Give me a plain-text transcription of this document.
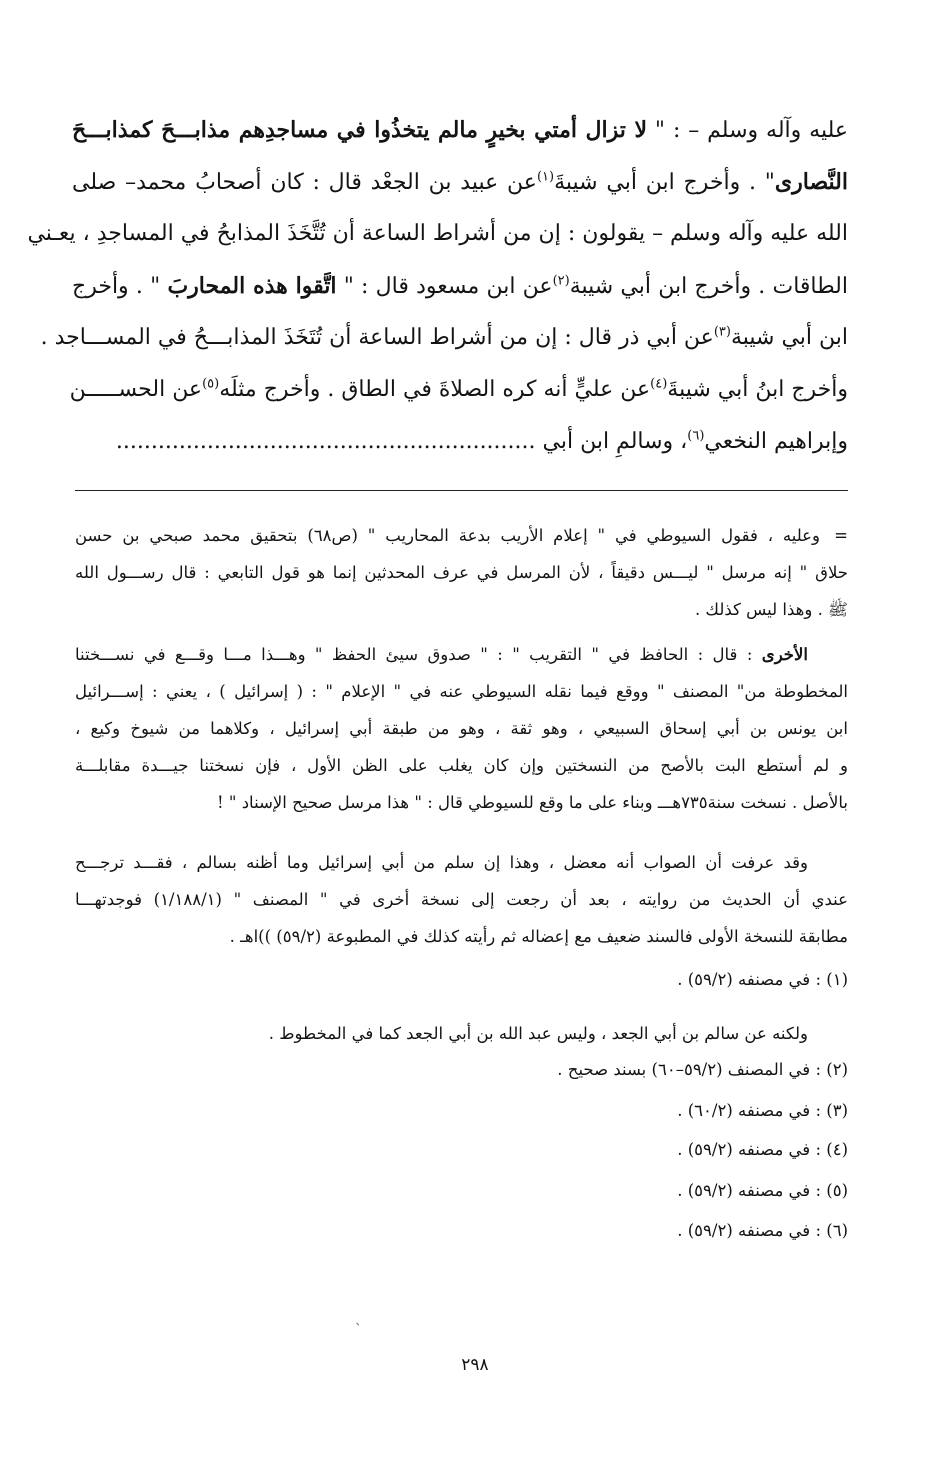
عليه وآله وسلم – : " لا تزال أمتي بخيرٍ مالم يتخذُوا في مساجدِهم مذابـــحَ كمذابـــحَ
النَّصارى" . وأخرج ابن أبي شيبةَ$^{(١)}$عن عبيد بن الجعْد قال : كان أصحابُ محمد– صلى
الله عليه وآله وسلم – يقولون : إن من أشراط الساعة أن تُتَّخَذَ المذابحُ في المساجدِ ، يعـني
الطاقات . وأخرج ابن أبي شيبة$^{(٢)}$عن ابن مسعود قال : " اتَّقوا هذه المحاربَ " . وأخرج
ابن أبي شيبة$^{(٣)}$عن أبي ذر قال : إن من أشراط الساعة أن تُتَخَذَ المذابـــحُ في المســـاجد .
وأخرج ابنُ أبي شيبةَ$^{(٤)}$عن عليٍّ أنه كره الصلاةَ في الطاق . وأخرج مثلَه$^{(٥)}$عن الحســـــن
وإبراهيم النخعي$^{(٦)}$، وسالمِ ابن أبي ............................................................
=وعليه ، فقول السيوطي في " إعلام الأريب بدعة المحاريب " (ص٦٨) بتحقيق محمد صبحي بن حسن
حلاق " إنه مرسل " ليـــس دقيقاً ، لأن المرسل في عرف المحدثين إنما هو قول التابعي : قال رســـول الله
ﷺ . وهذا ليس كذلك .
الأخرى : قال : الحافظ في " التقريب " : " صدوق سيئ الحفظ " وهـــذا مـــا وقـــع في نســـختنا
المخطوطة من" المصنف " ووقع فيما نقله السيوطي عنه في " الإعلام " : ( إسرائيل ) ، يعني : إســـرائيل
ابن يونس بن أبي إسحاق السبيعي ، وهو ثقة ، وهو من طبقة أبي إسرائيل ، وكلاهما من شيوخ وكيع ،
و لم أستطع البت بالأصح من النسختين وإن كان يغلب على الظن الأول ، فإن نسختنا جيـــدة مقابلـــة
بالأصل . نسخت سنة٧٣٥هـــ وبناء على ما وقع للسيوطي قال : " هذا مرسل صحيح الإسناد " !
وقد عرفت أن الصواب أنه معضل ، وهذا إن سلم من أبي إسرائيل وما أظنه بسالم ، فقـــد ترجـــح
عندي أن الحديث من روايته ، بعد أن رجعت إلى نسخة أخرى في " المصنف " (١/١٨٨/١) فوجدتهـــا
مطابقة للنسخة الأولى فالسند ضعيف مع إعضاله ثم رأيته كذلك في المطبوعة (٥٩/٢) ))اهـ .
(١) : في مصنفه (٥٩/٢) .
ولكنه عن سالم بن أبي الجعد ، وليس عبد الله بن أبي الجعد كما في المخطوط .
(٢) : في المصنف (٥٩/٢–٦٠) بسند صحيح .
(٣) : في مصنفه (٦٠/٢) .
(٤) : في مصنفه (٥٩/٢) .
(٥) : في مصنفه (٥٩/٢) .
(٦) : في مصنفه (٥٩/٢) .
`
٢٩٨
